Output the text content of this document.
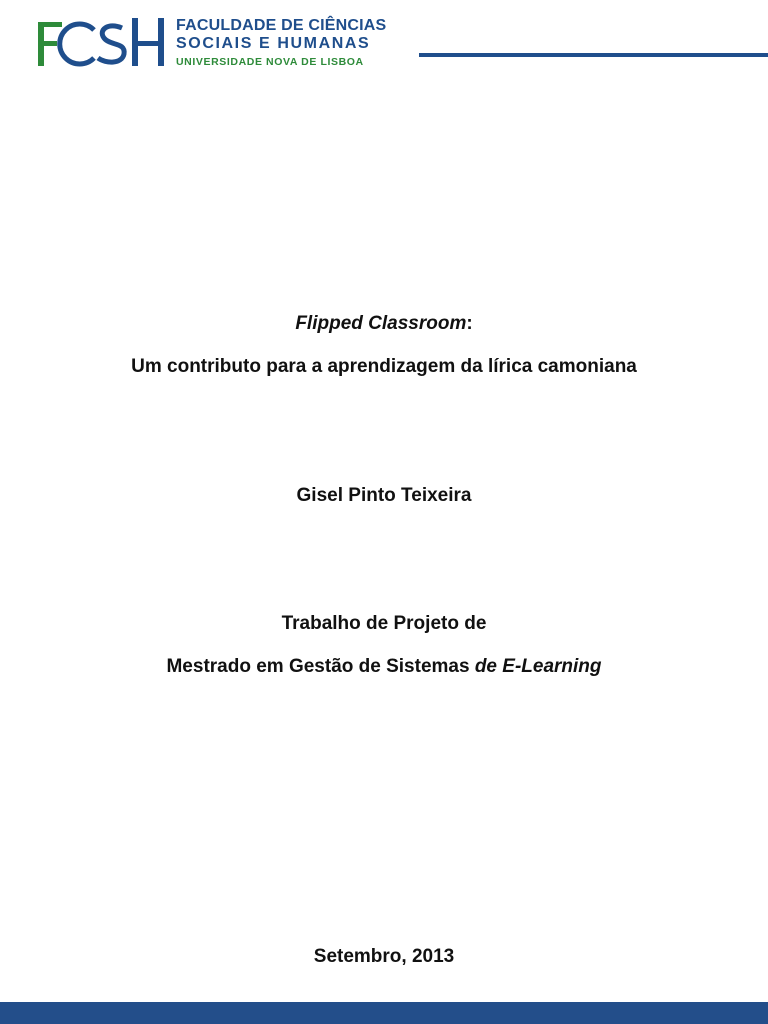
FACULDADE DE CIÊNCIAS
SOCIAIS E HUMANAS
UNIVERSIDADE NOVA DE LISBOA
Flipped Classroom:
Um contributo para a aprendizagem da lírica camoniana
Gisel Pinto Teixeira
Trabalho de Projeto de
Mestrado em Gestão de Sistemas de E-Learning
Setembro, 2013
